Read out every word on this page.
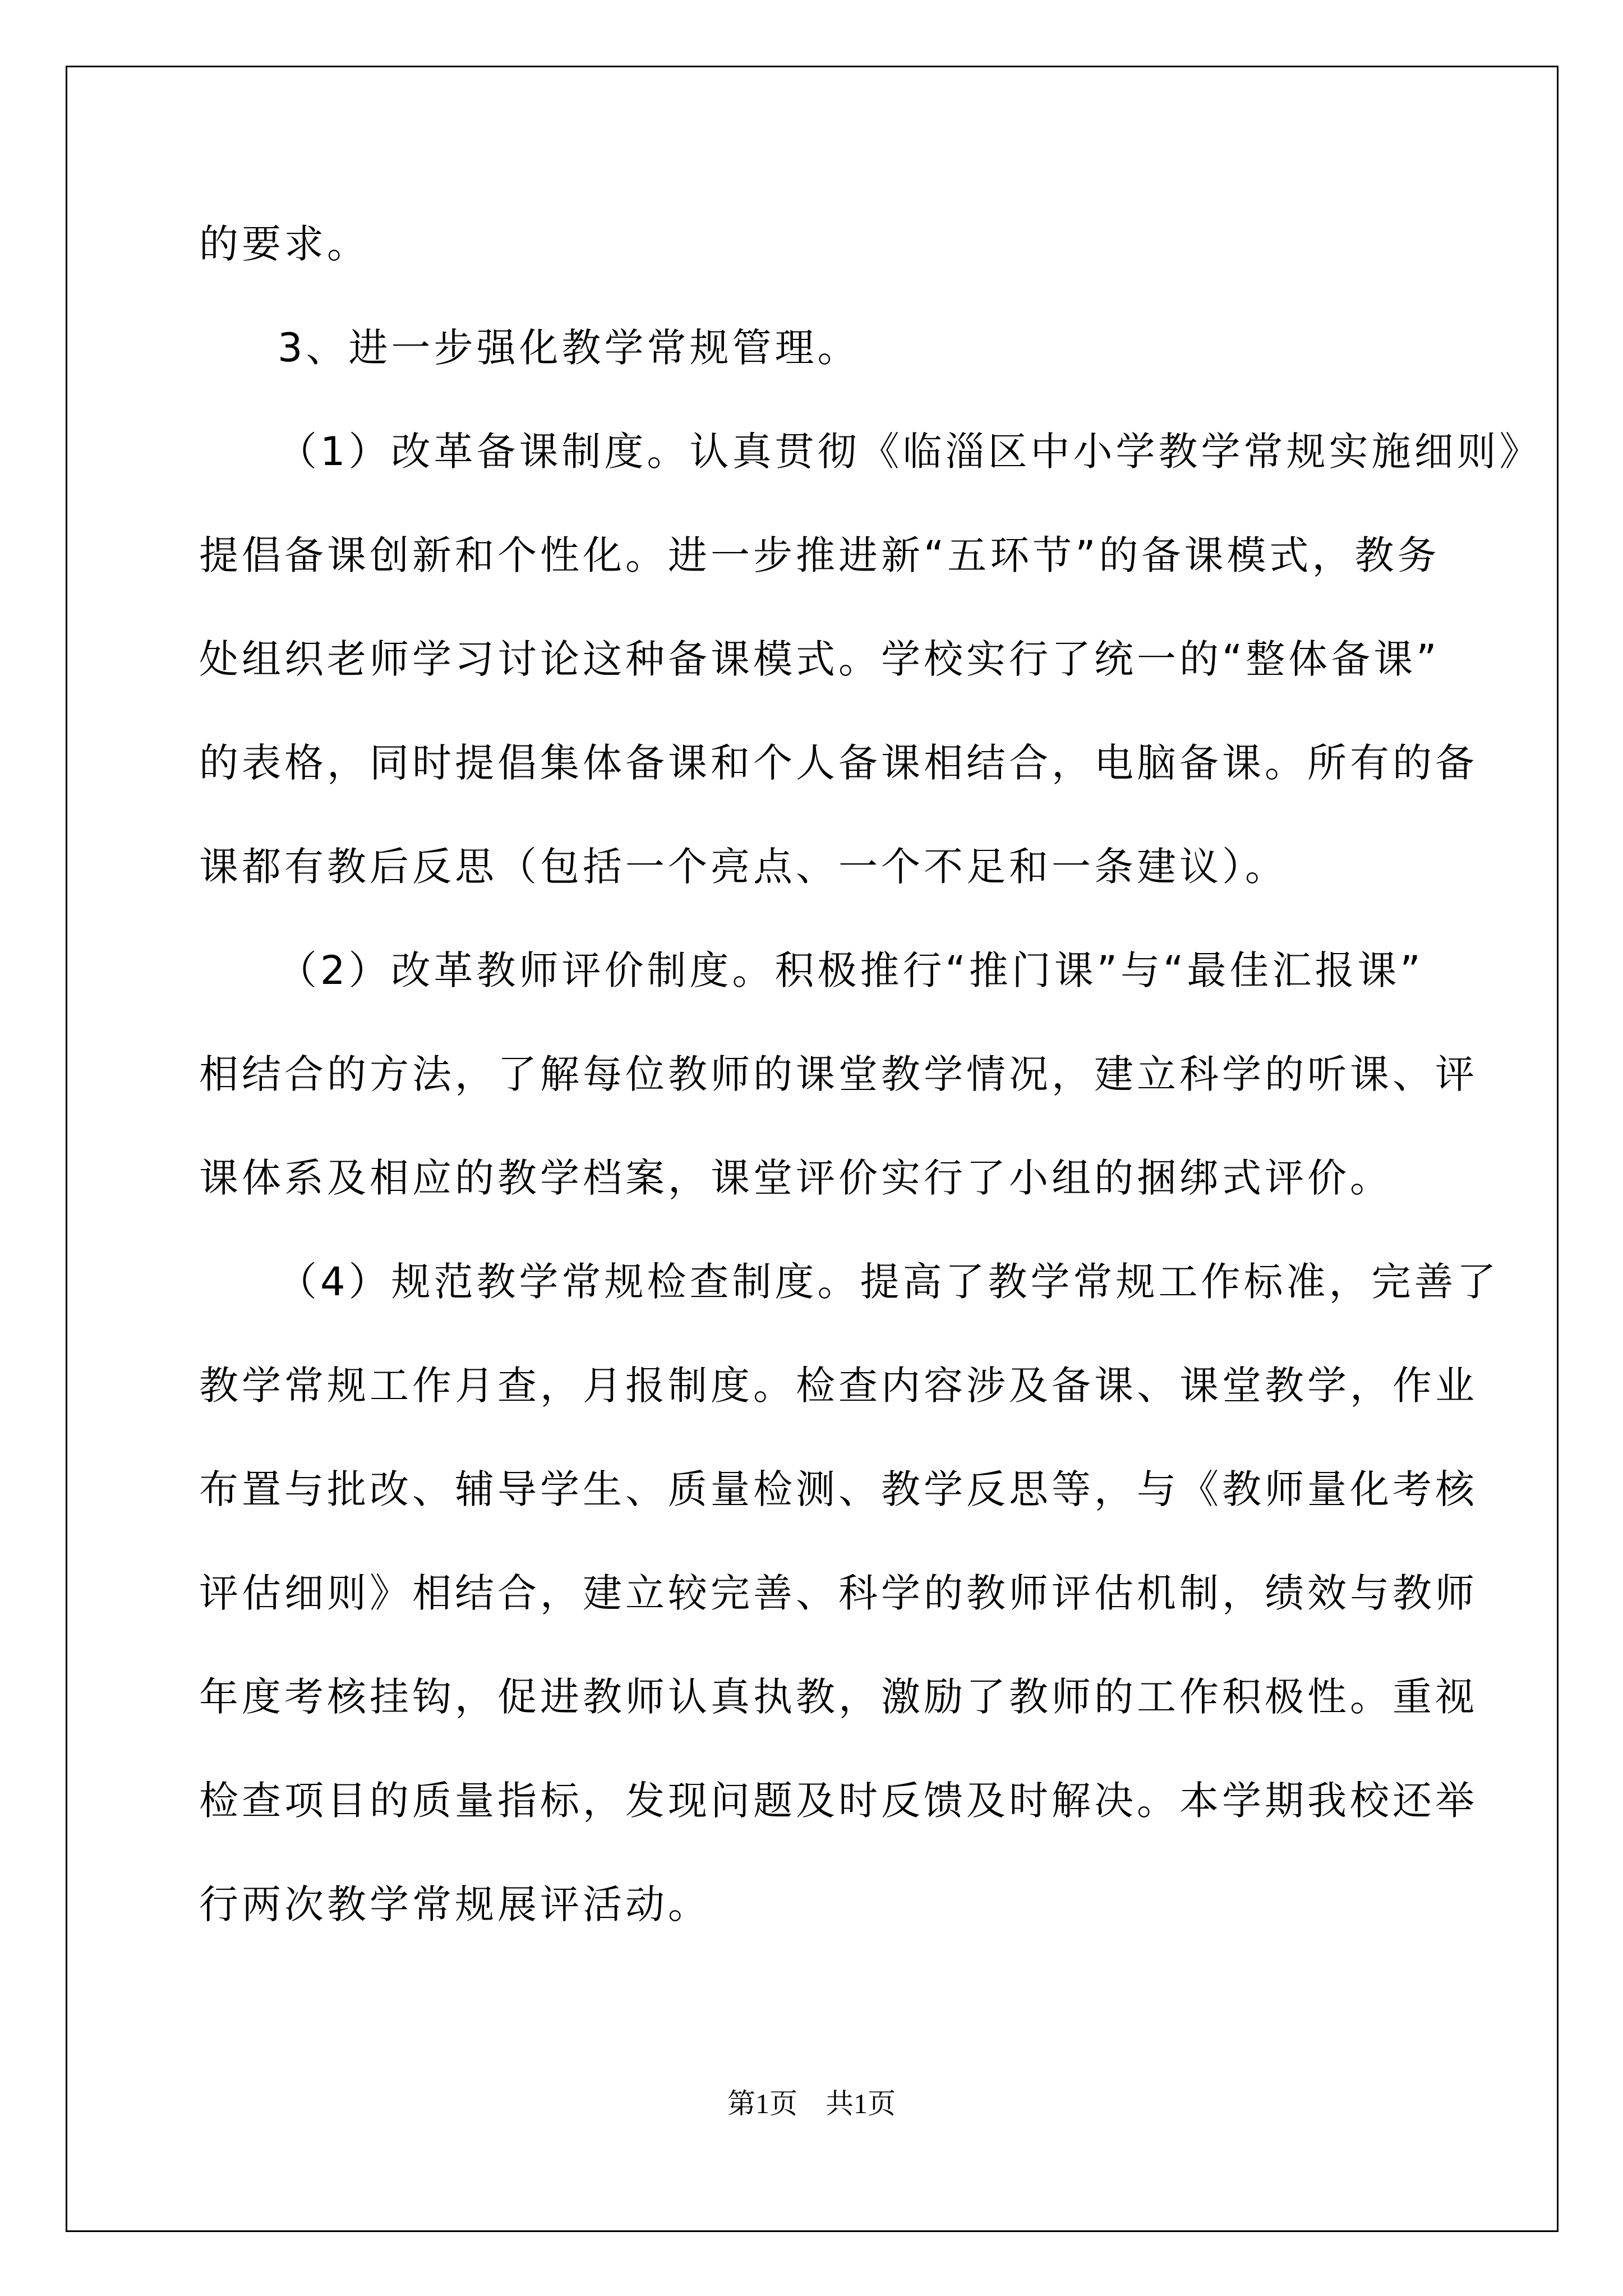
的要求。
3、进一步强化教学常规管理。
（1）改革备课制度。认真贯彻《临淄区中小学教学常规实施细则》
提倡备课创新和个性化。进一步推进新“五环节”的备课模式，教务
处组织老师学习讨论这种备课模式。学校实行了统一的“整体备课”
的表格，同时提倡集体备课和个人备课相结合，电脑备课。所有的备
课都有教后反思（包括一个亮点、一个不足和一条建议）。
（2）改革教师评价制度。积极推行“推门课”与“最佳汇报课”
相结合的方法，了解每位教师的课堂教学情况，建立科学的听课、评
课体系及相应的教学档案，课堂评价实行了小组的捆绑式评价。
（4）规范教学常规检查制度。提高了教学常规工作标准，完善了
教学常规工作月查，月报制度。检查内容涉及备课、课堂教学，作业
布置与批改、辅导学生、质量检测、教学反思等，与《教师量化考核
评估细则》相结合，建立较完善、科学的教师评估机制，绩效与教师
年度考核挂钩，促进教师认真执教，激励了教师的工作积极性。重视
检查项目的质量指标，发现问题及时反馈及时解决。本学期我校还举
行两次教学常规展评活动。
第1页　共1页
